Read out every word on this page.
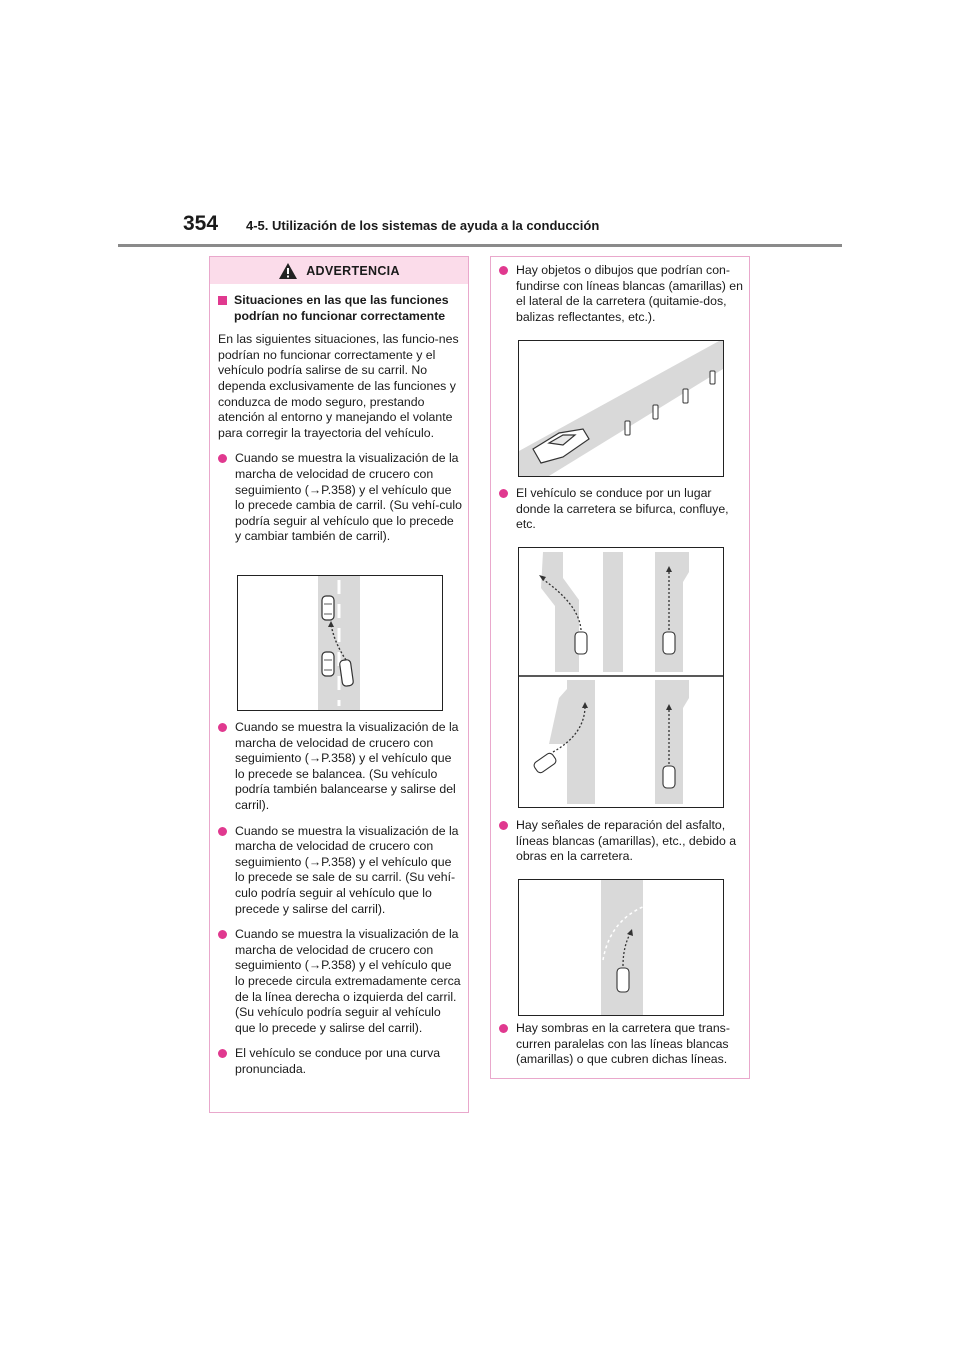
354 4-5. Utilización de los sistemas de ayuda a la conducción
ADVERTENCIA
Situaciones en las que las funciones podrían no funcionar correctamente

En las siguientes situaciones, las funcio-nes podrían no funcionar correctamente y el vehículo podría salirse de su carril. No dependa exclusivamente de las funciones y conduzca de modo seguro, prestando atención al entorno y manejando el volante para corregir la trayectoria del vehículo.

Cuando se muestra la visualización de la marcha de velocidad de crucero con seguimiento (→P.358) y el vehículo que lo precede cambia de carril. (Su vehí-culo podría seguir al vehículo que lo precede y cambiar también de carril).
Cuando se muestra la visualización de la marcha de velocidad de crucero con seguimiento (→P.358) y el vehículo que lo precede se balancea. (Su vehículo podría también balancearse y salirse del carril).
Cuando se muestra la visualización de la marcha de velocidad de crucero con seguimiento (→P.358) y el vehículo que lo precede se sale de su carril. (Su vehí-culo podría seguir al vehículo que lo precede y salirse del carril).
Cuando se muestra la visualización de la marcha de velocidad de crucero con seguimiento (→P.358) y el vehículo que lo precede circula extremadamente cerca de la línea derecha o izquierda del carril. (Su vehículo podría seguir al vehículo que lo precede y salirse del carril).
El vehículo se conduce por una curva pronunciada.
Hay objetos o dibujos que podrían con-fundirse con líneas blancas (amarillas) en el lateral de la carretera (quitamie-dos, balizas reflectantes, etc.).
El vehículo se conduce por un lugar donde la carretera se bifurca, confluye, etc.
Hay señales de reparación del asfalto, líneas blancas (amarillas), etc., debido a obras en la carretera.
Hay sombras en la carretera que trans-curren paralelas con las líneas blancas (amarillas) o que cubren dichas líneas.
